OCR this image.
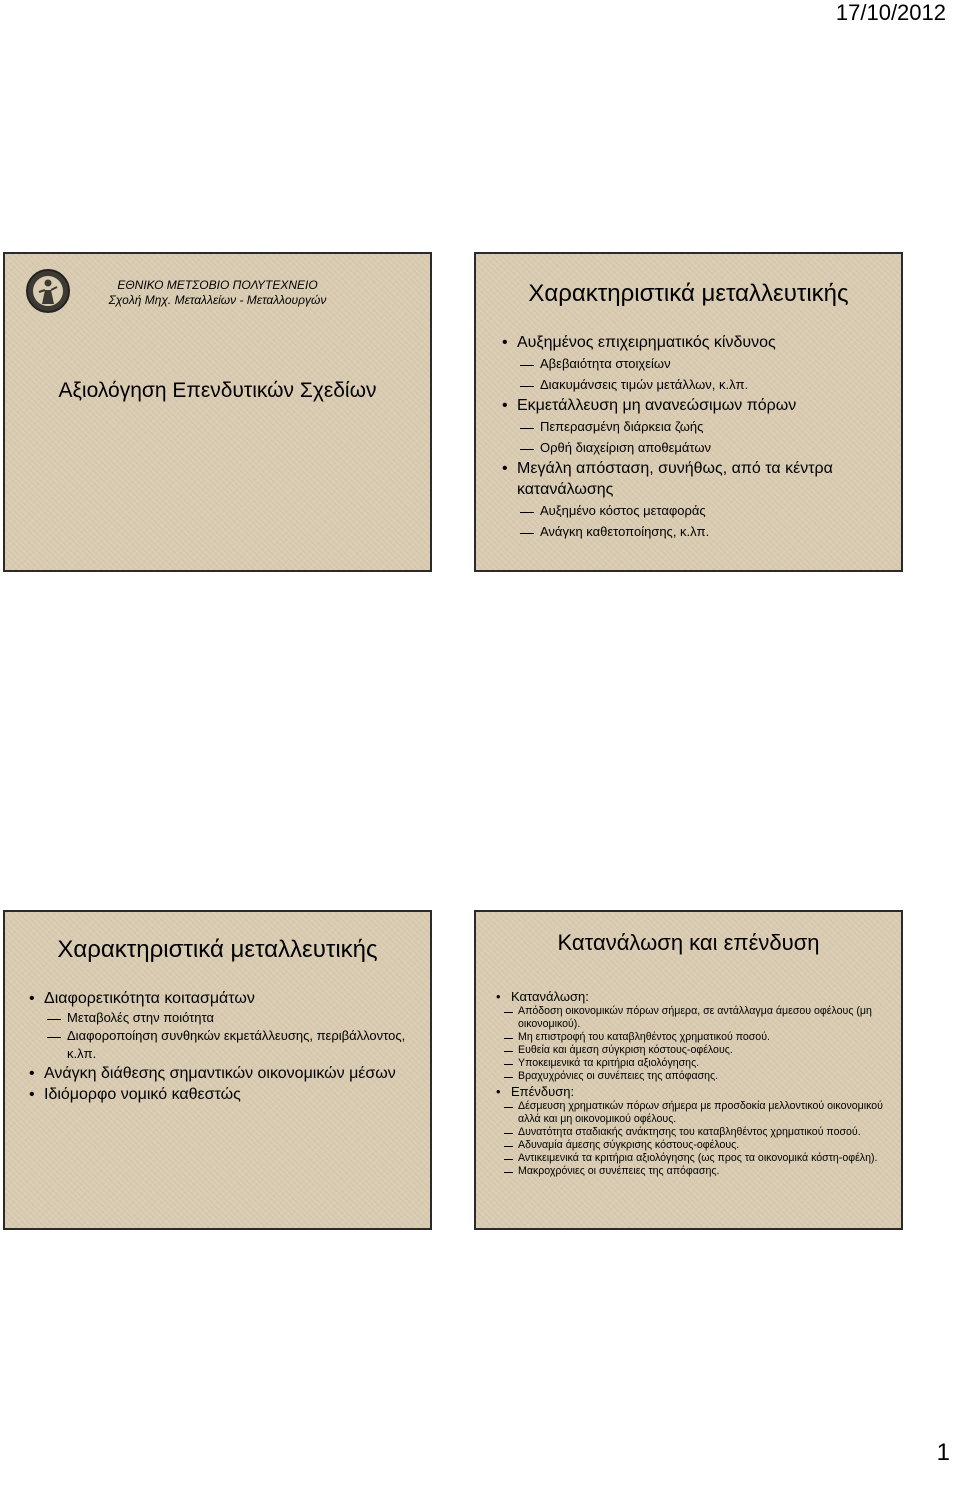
17/10/2012
ΕΘΝΙΚΟ ΜΕΤΣΟΒΙΟ ΠΟΛΥΤΕΧΝΕΙΟ
Σχολή Μηχ. Μεταλλείων - Μεταλλουργών
Αξιολόγηση Επενδυτικών Σχεδίων
Χαρακτηριστικά μεταλλευτικής
• Αυξημένος επιχειρηματικός κίνδυνος
Αβεβαιότητα στοιχείων
Διακυμάνσεις τιμών μετάλλων, κ.λπ.
• Εκμετάλλευση μη ανανεώσιμων πόρων
Πεπερασμένη διάρκεια ζωής
Ορθή διαχείριση αποθεμάτων
• Μεγάλη απόσταση, συνήθως, από τα κέντρα κατανάλωσης
Αυξημένο κόστος μεταφοράς
Ανάγκη καθετοποίησης, κ.λπ.
Χαρακτηριστικά μεταλλευτικής
• Διαφορετικότητα κοιτασμάτων
Μεταβολές στην ποιότητα
Διαφοροποίηση συνθηκών εκμετάλλευσης, περιβάλλοντος, κ.λπ.
• Ανάγκη διάθεσης σημαντικών οικονομικών μέσων
• Ιδιόμορφο νομικό καθεστώς
Κατανάλωση και επένδυση
• Κατανάλωση:
Απόδοση οικονομικών πόρων σήμερα, σε αντάλλαγμα άμεσου οφέλους (μη οικονομικού).
Μη επιστροφή του καταβληθέντος χρηματικού ποσού.
Ευθεία και άμεση σύγκριση κόστους-οφέλους.
Υποκειμενικά τα κριτήρια αξιολόγησης.
Βραχυχρόνιες οι συνέπειες της απόφασης.
• Επένδυση:
Δέσμευση χρηματικών πόρων σήμερα με προσδοκία μελλοντικού οικονομικού αλλά και μη οικονομικού οφέλους.
Δυνατότητα σταδιακής ανάκτησης του καταβληθέντος χρηματικού ποσού.
Αδυναμία άμεσης σύγκρισης κόστους-οφέλους.
Αντικειμενικά τα κριτήρια αξιολόγησης (ως προς τα οικονομικά κόστη-οφέλη).
Μακροχρόνιες οι συνέπειες της απόφασης.
1
